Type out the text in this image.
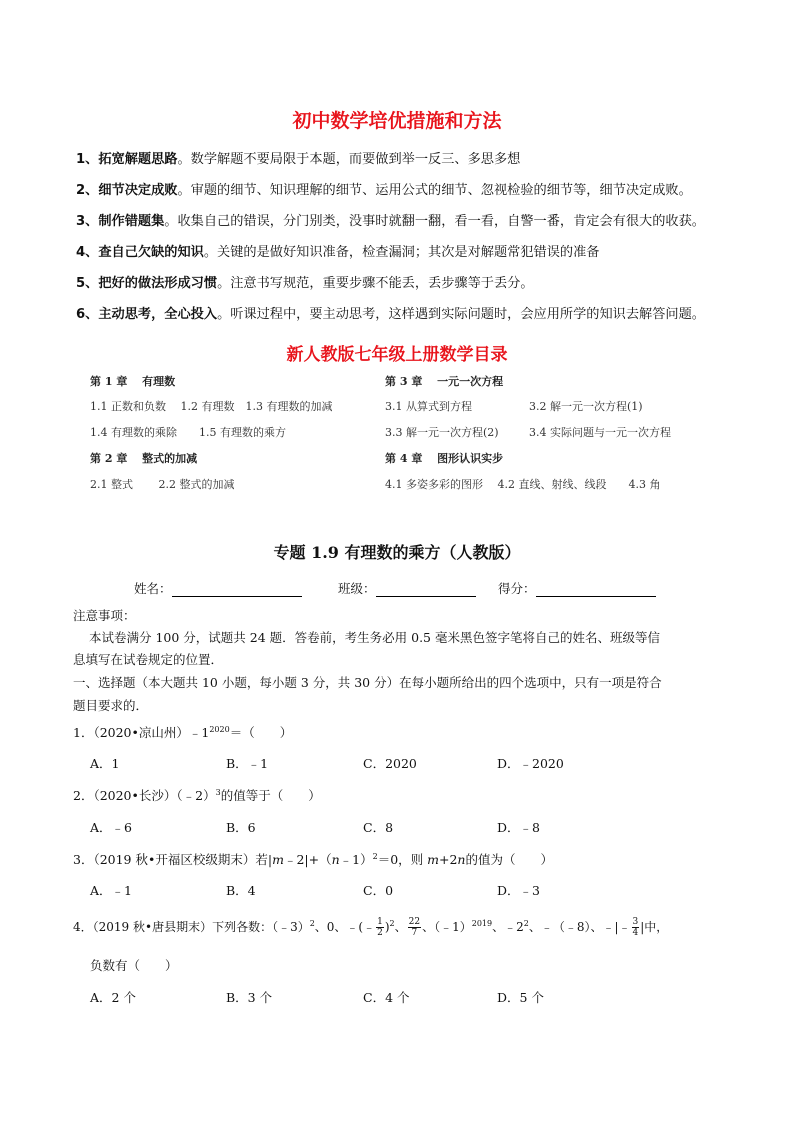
初中数学培优措施和方法
1、拓宽解题思路。数学解题不要局限于本题，而要做到举一反三、多思多想
2、细节决定成败。审题的细节、知识理解的细节、运用公式的细节、忽视检验的细节等，细节决定成败。
3、制作错题集。收集自己的错误，分门别类，没事时就翻一翻，看一看，自警一番，肯定会有很大的收获。
4、查自己欠缺的知识。关键的是做好知识准备，检查漏洞；其次是对解题常犯错误的准备
5、把好的做法形成习惯。注意书写规范，重要步骤不能丢，丢步骤等于丢分。
6、主动思考，全心投入。听课过程中，要主动思考，这样遇到实际问题时，会应用所学的知识去解答问题。
新人教版七年级上册数学目录
第 1 章　 有理数
1.1 正数和负数　 1.2 有理数　1.3 有理数的加减
1.4 有理数的乘除　　1.5 有理数的乘方
第 2 章　 整式的加减
2.1 整式　　 2.2 整式的加减
第 3 章　 一元一次方程
3.1 从算式到方程	3.2 解一元一次方程(1)
3.3 解一元一次方程(2)	3.4 实际问题与一元一次方程
第 4 章　 图形认识实步
4.1 多姿多彩的图形　 4.2 直线、射线、线段　　4.3 角
专题 1.9 有理数的乘方（人教版）
姓名：	班级：	得分：
注意事项：
本试卷满分 100 分，试题共 24 题．答卷前，考生务必用 0.5 毫米黑色签字笔将自己的姓名、班级等信
息填写在试卷规定的位置．
一、选择题（本大题共 10 小题，每小题 3 分，共 30 分）在每小题所给出的四个选项中，只有一项是符合
题目要求的．
1．（2020•凉山州）$﹣1^{2020}=$（　　）
A．1	B．﹣1	C．2020	D．﹣2020
2．（2020•长沙）（﹣2）$^3$的值等于（　　）
A．﹣6	B．6	C．8	D．﹣8
3．（2019 秋•开福区校级期末）若|m﹣2|+（n﹣1）$^2$＝0，则 m+2n的值为（　　）
A．﹣1	B．4	C．0	D．﹣3
4．（2019 秋•唐县期末）下列各数：（﹣3）$^2$、0、﹣(﹣ $\frac{1}{2} )^2$、 $\frac{22}{7}$ 、（﹣1）$^{2019}$、$﹣2^2$、﹣（﹣8）、﹣|﹣ $\frac{3}{4}$ |中，
负数有（　　）
A．2 个	B．3 个	C．4 个	D．5 个
